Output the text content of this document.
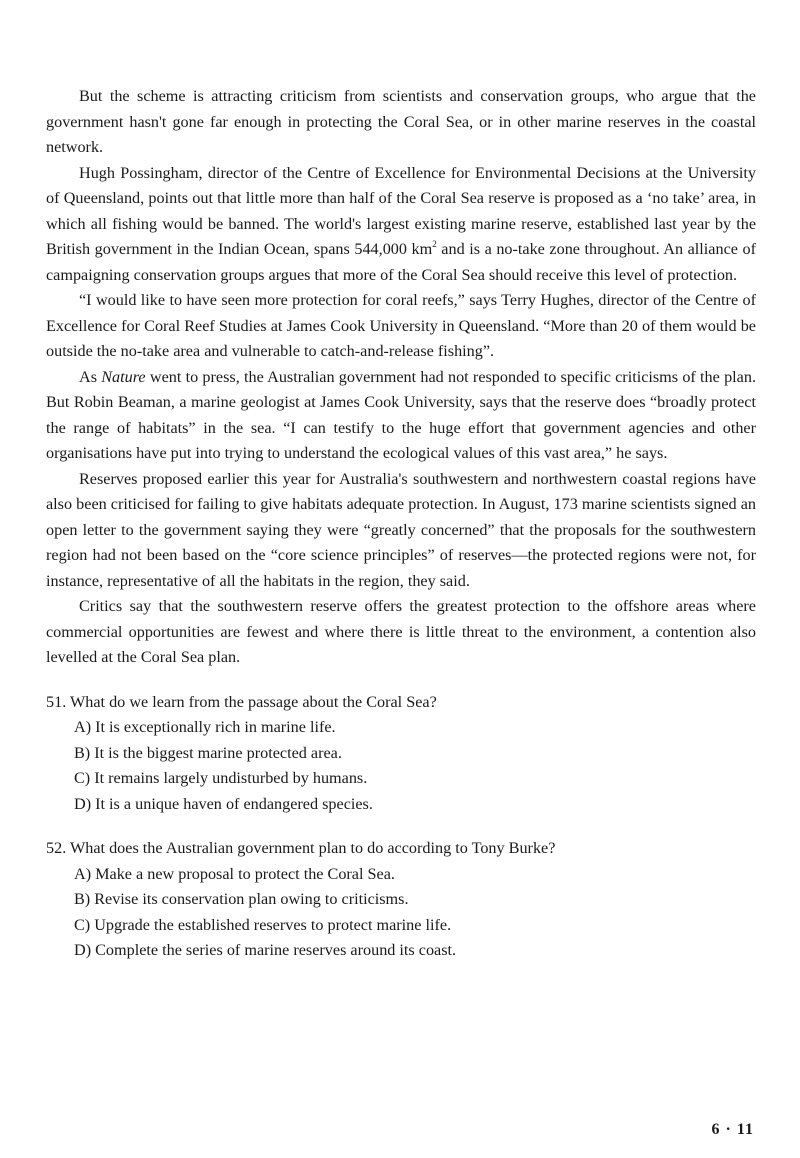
But the scheme is attracting criticism from scientists and conservation groups, who argue that the government hasn't gone far enough in protecting the Coral Sea, or in other marine reserves in the coastal network.

Hugh Possingham, director of the Centre of Excellence for Environmental Decisions at the University of Queensland, points out that little more than half of the Coral Sea reserve is proposed as a ‘no take’ area, in which all fishing would be banned. The world's largest existing marine reserve, established last year by the British government in the Indian Ocean, spans 544,000 $km^2$ and is a no-take zone throughout. An alliance of campaigning conservation groups argues that more of the Coral Sea should receive this level of protection.

“I would like to have seen more protection for coral reefs,” says Terry Hughes, director of the Centre of Excellence for Coral Reef Studies at James Cook University in Queensland. “More than 20 of them would be outside the no-take area and vulnerable to catch-and-release fishing”.

As Nature went to press, the Australian government had not responded to specific criticisms of the plan. But Robin Beaman, a marine geologist at James Cook University, says that the reserve does “broadly protect the range of habitats” in the sea. “I can testify to the huge effort that government agencies and other organisations have put into trying to understand the ecological values of this vast area,” he says.

Reserves proposed earlier this year for Australia's southwestern and northwestern coastal regions have also been criticised for failing to give habitats adequate protection. In August, 173 marine scientists signed an open letter to the government saying they were “greatly concerned” that the proposals for the southwestern region had not been based on the “core science principles” of reserves—the protected regions were not, for instance, representative of all the habitats in the region, they said.

Critics say that the southwestern reserve offers the greatest protection to the offshore areas where commercial opportunities are fewest and where there is little threat to the environment, a contention also levelled at the Coral Sea plan.

51. What do we learn from the passage about the Coral Sea?

A) It is exceptionally rich in marine life.

B) It is the biggest marine protected area.

C) It remains largely undisturbed by humans.

D) It is a unique haven of endangered species.

52. What does the Australian government plan to do according to Tony Burke?

A) Make a new proposal to protect the Coral Sea.

B) Revise its conservation plan owing to criticisms.

C) Upgrade the established reserves to protect marine life.

D) Complete the series of marine reserves around its coast.

6 · 11
